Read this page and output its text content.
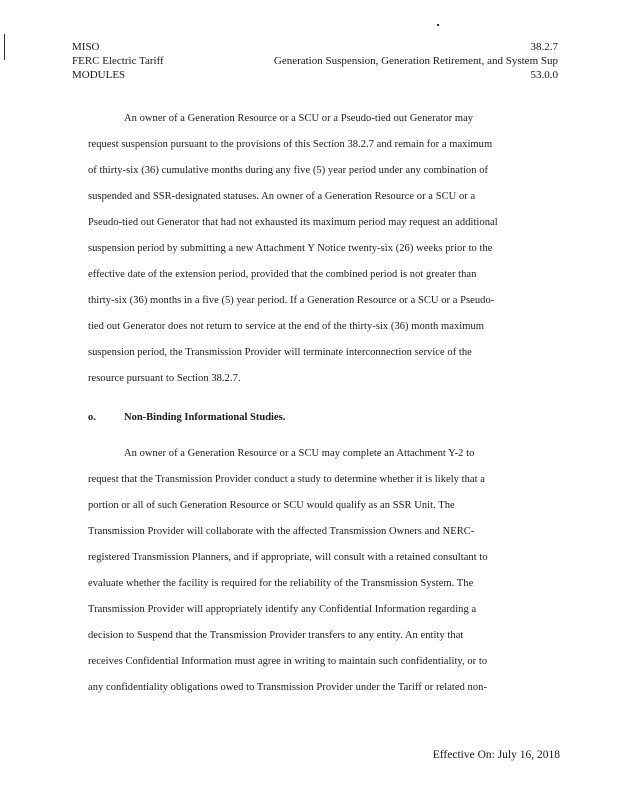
MISO
FERC Electric Tariff
MODULES
38.2.7
Generation Suspension, Generation Retirement, and System Sup
53.0.0
An owner of a Generation Resource or a SCU or a Pseudo-tied out Generator may
request suspension pursuant to the provisions of this Section 38.2.7 and remain for a maximum
of thirty-six (36) cumulative months during any five (5) year period under any combination of
suspended and SSR-designated statuses. An owner of a Generation Resource or a SCU or a
Pseudo-tied out Generator that had not exhausted its maximum period may request an additional
suspension period by submitting a new Attachment Y Notice twenty-six (26) weeks prior to the
effective date of the extension period, provided that the combined period is not greater than
thirty-six (36) months in a five (5) year period. If a Generation Resource or a SCU or a Pseudo-
tied out Generator does not return to service at the end of the thirty-six (36) month maximum
suspension period, the Transmission Provider will terminate interconnection service of the
resource pursuant to Section 38.2.7.
o.	Non-Binding Informational Studies.
An owner of a Generation Resource or a SCU may complete an Attachment Y-2 to
request that the Transmission Provider conduct a study to determine whether it is likely that a
portion or all of such Generation Resource or SCU would qualify as an SSR Unit. The
Transmission Provider will collaborate with the affected Transmission Owners and NERC-
registered Transmission Planners, and if appropriate, will consult with a retained consultant to
evaluate whether the facility is required for the reliability of the Transmission System. The
Transmission Provider will appropriately identify any Confidential Information regarding a
decision to Suspend that the Transmission Provider transfers to any entity. An entity that
receives Confidential Information must agree in writing to maintain such confidentiality, or to
any confidentiality obligations owed to Transmission Provider under the Tariff or related non-
Effective On: July 16, 2018
